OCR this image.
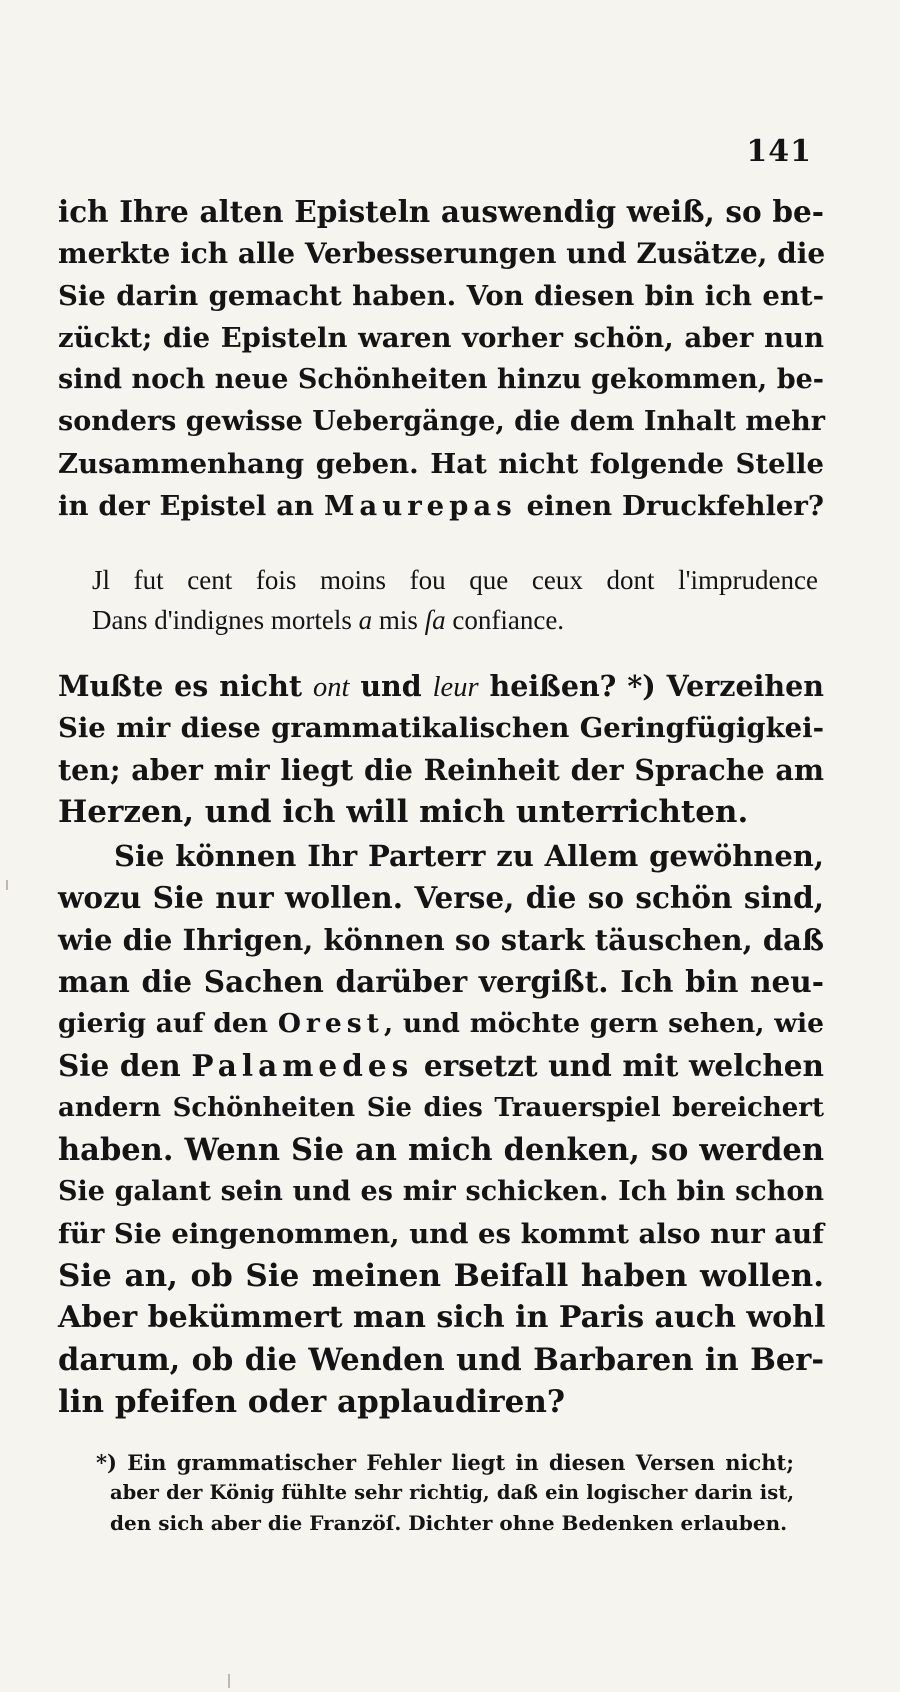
141
ich Ihre alten Episteln auswendig weiß, so be-
merkte ich alle Verbesserungen und Zusätze, die
Sie darin gemacht haben. Von diesen bin ich ent-
zückt; die Episteln waren vorher schön, aber nun
sind noch neue Schönheiten hinzu gekommen, be-
sonders gewisse Uebergänge, die dem Inhalt mehr
Zusammenhang geben. Hat nicht folgende Stelle
in der Epistel an Maurepas einen Druckfehler?
Jl fut cent fois moins fou que ceux dont l'imprudence
Dans d'indignes mortels a mis ſa confiance.
Mußte es nicht ont und leur heißen? *) Verzeihen
Sie mir diese grammatikalischen Geringfügigkei-
ten; aber mir liegt die Reinheit der Sprache am
Herzen, und ich will mich unterrichten.
Sie können Ihr Parterr zu Allem gewöhnen,
wozu Sie nur wollen. Verse, die so schön sind,
wie die Ihrigen, können so stark täuschen, daß
man die Sachen darüber vergißt. Ich bin neu-
gierig auf den Orest, und möchte gern sehen, wie
Sie den Palamedes ersetzt und mit welchen
andern Schönheiten Sie dies Trauerspiel bereichert
haben. Wenn Sie an mich denken, so werden
Sie galant sein und es mir schicken. Ich bin schon
für Sie eingenommen, und es kommt also nur auf
Sie an, ob Sie meinen Beifall haben wollen.
Aber bekümmert man sich in Paris auch wohl
darum, ob die Wenden und Barbaren in Ber-
lin pfeifen oder applaudiren?
*) Ein grammatischer Fehler liegt in diesen Versen nicht;
aber der König fühlte sehr richtig, daß ein logischer darin ist,
den sich aber die Franzöſ. Dichter ohne Bedenken erlauben.
